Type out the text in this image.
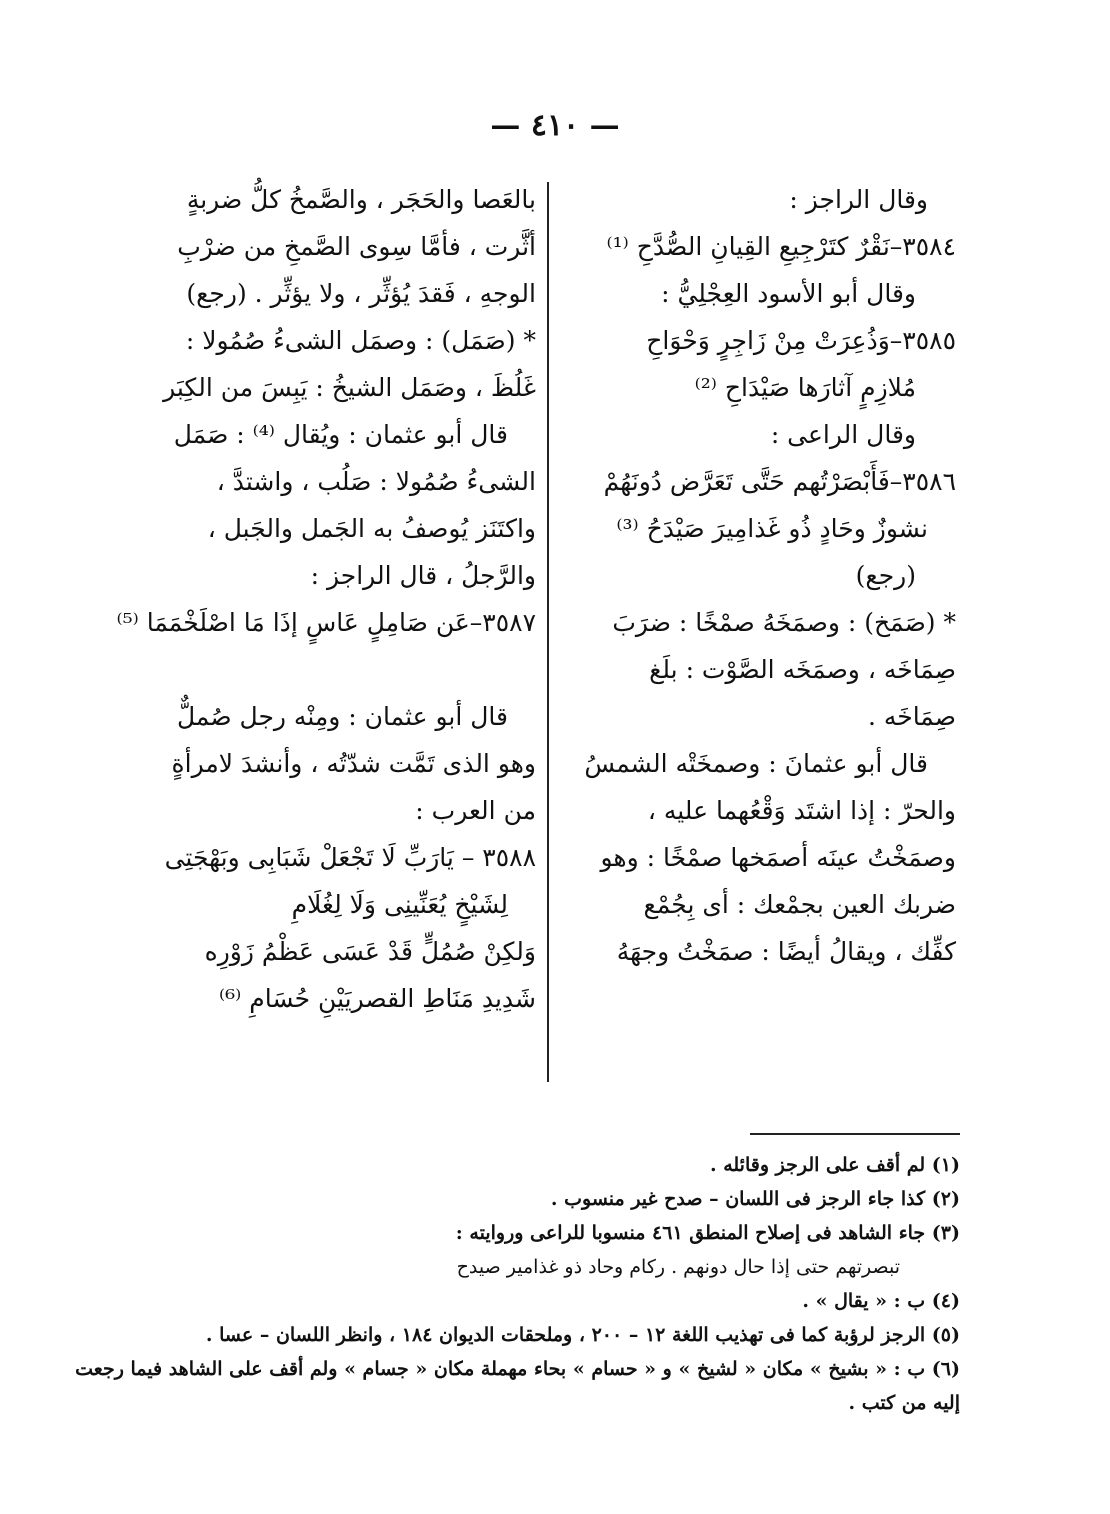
— ٤١٠ —
وقال الراجز :
٣٥٨٤–نَقْرٌ كتَرْجِيعِ القِيانِ الصُّدَّحِ ⁽¹⁾
وقال أبو الأسود العِجْلِيُّ :
٣٥٨٥–وَذُعِرَتْ مِنْ زَاجِرٍ وَحْوَاحِ
مُلازِمٍ آثارَها صَيْدَاحِ ⁽²⁾
وقال الراعى :
٣٥٨٦–فَأَبْصَرْتُهم حَتَّى تَعَرَّض دُونَهُمْ
نشوزٌ وحَادٍ ذُو غَذامِيرَ صَيْدَحُ ⁽³⁾
(رجع)
* (صَمَخ) : وصمَخَهُ صمْخًا : ضرَبَ
صِمَاخَه ، وصمَخَه الصَّوْت : بلَغ
صِمَاخَه .
قال أبو عثمانَ : وصمخَتْه الشمسُ
والحرّ : إذا اشتَد وَقْعُهما عليه ،
وصمَخْتُ عينَه أصمَخها صمْخًا : وهو
ضربك العين بجمْعك : أى بِجُمْع
كفِّك ، ويقالُ أيضًا : صمَخْتُ وجهَهُ
بالعَصا والحَجَر ، والصَّمخُ كلُّ ضربةٍ
أثَّرت ، فأمَّا سِوى الصَّمخِ من ضرْبِ
الوجهِ ، فَقدَ يُؤثِّر ، ولا يؤثِّر . (رجع)
* (صَمَل) : وصمَل الشىءُ صُمُولا :
غَلُظَ ، وصَمَل الشيخُ : يَبِسَ من الكِبَر
قال أبو عثمان : ويُقال ⁽⁴⁾ : صَمَل
الشىءُ صُمُولا : صَلُب ، واشتدَّ ،
واكتَنَز يُوصفُ به الجَمل والجَبل ،
والرَّجلُ ، قال الراجز :
٣٥٨٧–عَن صَامِلٍ عَاسٍ إذَا مَا اصْلَخْمَمَا ⁽⁵⁾
قال أبو عثمان : ومِنْه رجل صُملٌّ
وهو الذى تَمَّت شدّتُه ، وأنشدَ لامرأةٍ
من العرب :
٣٥٨٨ – يَارَبِّ لَا تَجْعَلْ شَبَابِى وبَهْجَتِى
لِشَيْخٍ يُعَنِّينِى وَلَا لِغُلَامِ
وَلكِنْ صُمُلٍّ قَدْ عَسَى عَظْمُ زَوْرِه
شَدِيدِ مَنَاطِ القصريَيْنِ حُسَامِ ⁽⁶⁾
(١) لم أقف على الرجز وقائله .
(٢) كذا جاء الرجز فى اللسان – صدح غير منسوب .
(٣) جاء الشاهد فى إصلاح المنطق ٤٦١ منسوبا للراعى وروايته :
تبصرتهم حتى إذا حال دونهم . ركام وحاد ذو غذامير صيدح
(٤) ب : « يقال » .
(٥) الرجز لرؤبة كما فى تهذيب اللغة ١٢ – ٢٠٠ ، وملحقات الديوان ١٨٤ ، وانظر اللسان – عسا .
(٦) ب : « بشيخ » مكان « لشيخ » و « حسام » بحاء مهملة مكان « جسام » ولم أقف على الشاهد فيما رجعت
إليه من كتب .
